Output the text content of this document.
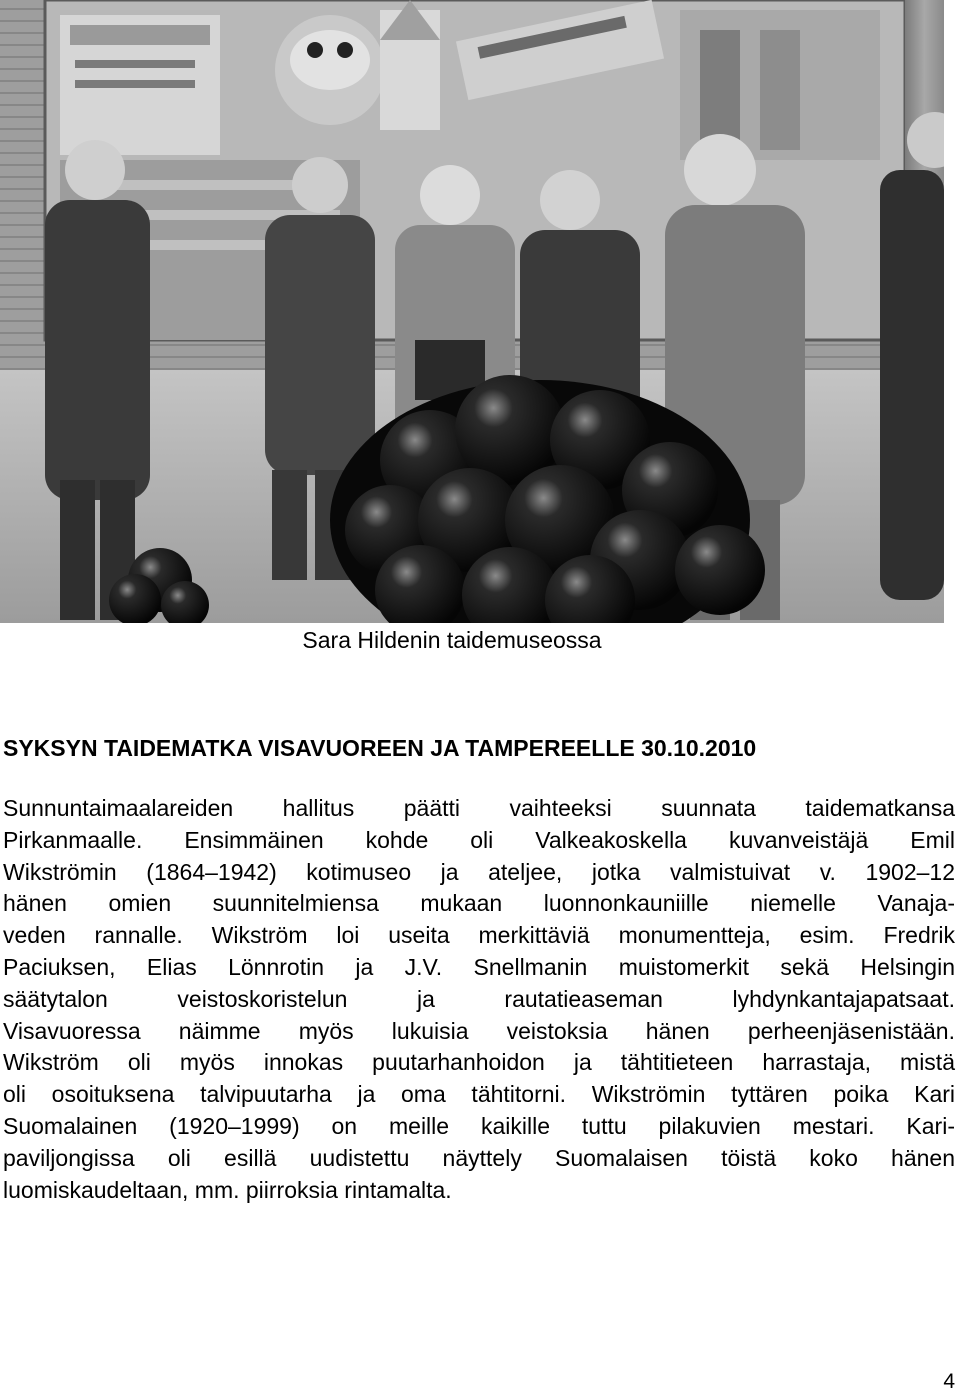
Sara Hildenin taidemuseossa
SYKSYN TAIDEMATKA VISAVUOREEN JA TAMPEREELLE 30.10.2010
Sunnuntaimaalareiden hallitus päätti vaihteeksi suunnata taidematkansa
Pirkanmaalle. Ensimmäinen kohde oli Valkeakoskella kuvanveistäjä Emil
Wikströmin (1864–1942) kotimuseo ja ateljee, jotka valmistuivat v. 1902–12
hänen omien suunnitelmiensa mukaan luonnonkauniille niemelle Vanaja-
veden rannalle. Wikström loi useita merkittäviä monumentteja, esim. Fredrik
Paciuksen, Elias Lönnrotin ja J.V. Snellmanin muistomerkit sekä Helsingin
säätytalon veistoskoristelun ja rautatieaseman lyhdynkantajapatsaat.
Visavuoressa näimme myös lukuisia veistoksia hänen perheenjäsenistään.
Wikström oli myös innokas puutarhanhoidon ja tähtitieteen harrastaja, mistä
oli osoituksena talvipuutarha ja oma tähtitorni. Wikströmin tyttären poika Kari
Suomalainen (1920–1999) on meille kaikille tuttu pilakuvien mestari. Kari-
paviljongissa oli esillä uudistettu näyttely Suomalaisen töistä koko hänen
luomiskaudeltaan, mm. piirroksia rintamalta.
4
